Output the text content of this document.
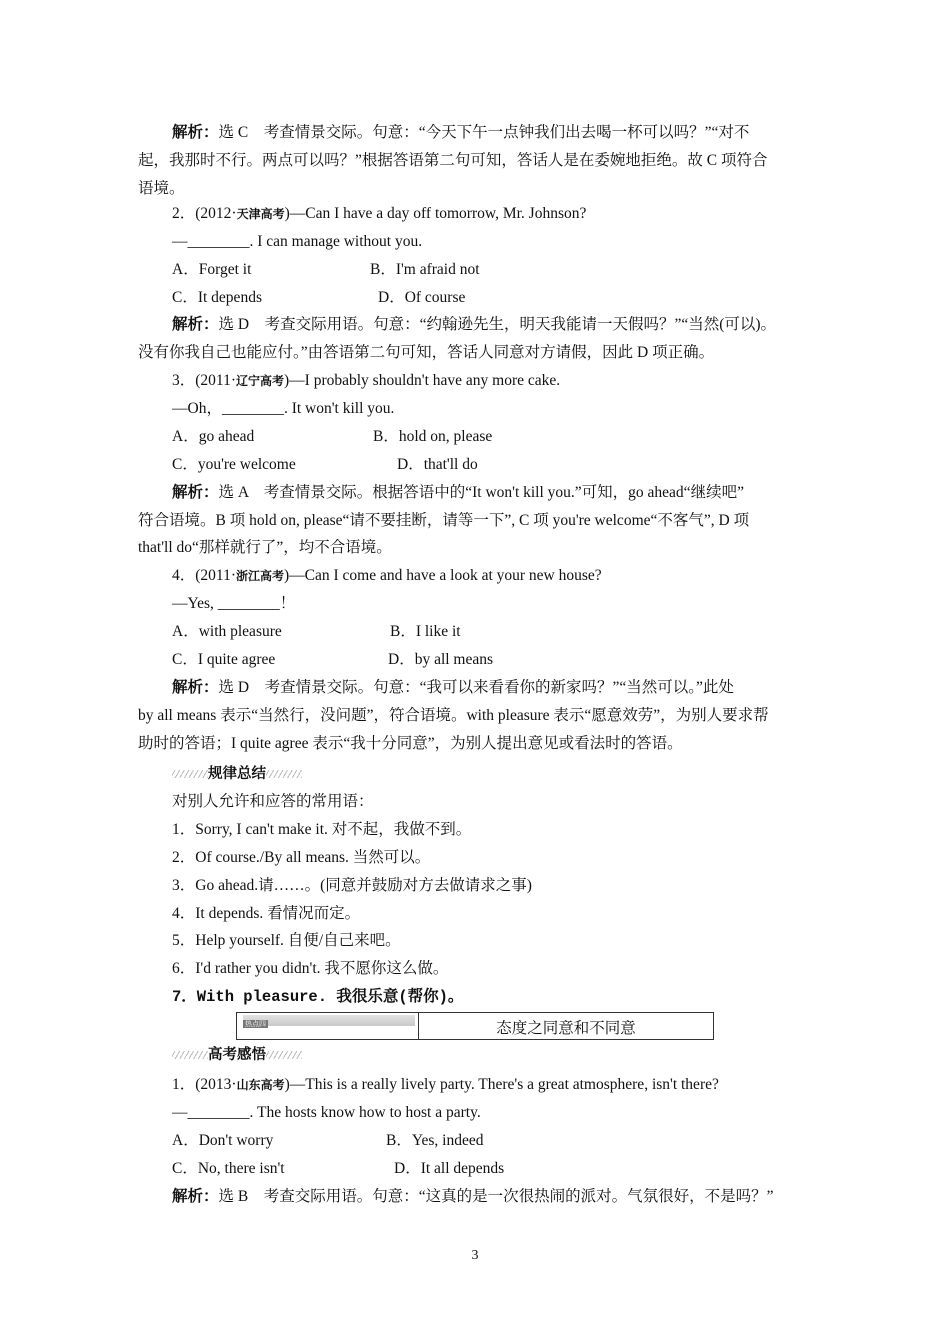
解析：选 C　考查情景交际。句意：“今天下午一点钟我们出去喝一杯可以吗？”“对不
起，我那时不行。两点可以吗？”根据答语第二句可知，答话人是在委婉地拒绝。故 C 项符合
语境。
2．(2012·天津高考)—Can I have a day off tomorrow, Mr. Johnson?
—________. I can manage without you.
A．Forget it	B．I'm afraid not
C．It depends	D．Of course
解析：选 D　考查交际用语。句意：“约翰逊先生，明天我能请一天假吗？”“当然(可以)。
没有你我自己也能应付。”由答语第二句可知，答话人同意对方请假，因此 D 项正确。
3．(2011·辽宁高考)—I probably shouldn't have any more cake.
—Oh，________. It won't kill you.
A．go ahead	B．hold on, please
C．you're welcome	D．that'll do
解析：选 A　考查情景交际。根据答语中的“It won't kill you.”可知，go ahead“继续吧”
符合语境。B 项 hold on, please“请不要挂断，请等一下”, C 项 you're welcome“不客气”, D 项
that'll do“那样就行了”，均不合语境。
4．(2011·浙江高考)—Can I come and have a look at your new house?
—Yes, ________！
A．with pleasure	B．I like it
C．I quite agree	D．by all means
解析：选 D　考查情景交际。句意：“我可以来看看你的新家吗？”“当然可以。”此处
by all means 表示“当然行，没问题”，符合语境。with pleasure 表示“愿意效劳”，为别人要求帮
助时的答语；I quite agree 表示“我十分同意”，为别人提出意见或看法时的答语。
规律总结
对别人允许和应答的常用语：
1．Sorry, I can't make it. 对不起，我做不到。
2．Of course./By all means. 当然可以。
3．Go ahead.请……。(同意并鼓励对方去做请求之事)
4．It depends. 看情况而定。
5．Help yourself. 自便/自己来吧。
6．I'd rather you didn't. 我不愿你这么做。
7．With pleasure. 我很乐意(帮你)。
热点四	态度之同意和不同意
高考感悟
1．(2013·山东高考)—This is a really lively party. There's a great atmosphere, isn't there?
—________. The hosts know how to host a party.
A．Don't worry	B．Yes, indeed
C．No, there isn't	D．It all depends
解析：选 B　考查交际用语。句意：“这真的是一次很热闹的派对。气氛很好，不是吗？”
3
